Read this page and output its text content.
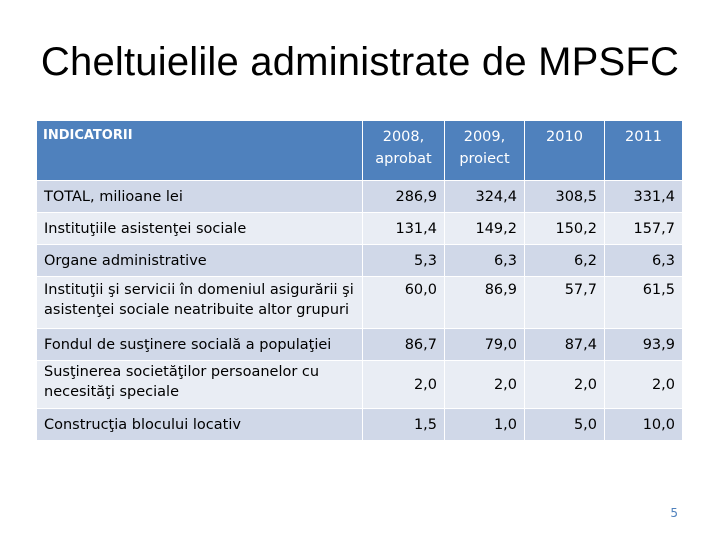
Cheltuielile administrate de MPSFC
INDICATORII	2008, aprobat	2009, proiect	2010	2011
TOTAL, milioane lei	286,9	324,4	308,5	331,4
Instituţiile asistenţei sociale	131,4	149,2	150,2	157,7
Organe administrative	5,3	6,3	6,2	6,3
Instituţii şi servicii în domeniul asigurării şi asistenţei sociale neatribuite altor grupuri	60,0	86,9	57,7	61,5
Fondul de susţinere socială a populaţiei	86,7	79,0	87,4	93,9
Susţinerea societăţilor persoanelor cu necesităţi speciale	2,0	2,0	2,0	2,0
Construcţia blocului locativ	1,5	1,0	5,0	10,0
5
